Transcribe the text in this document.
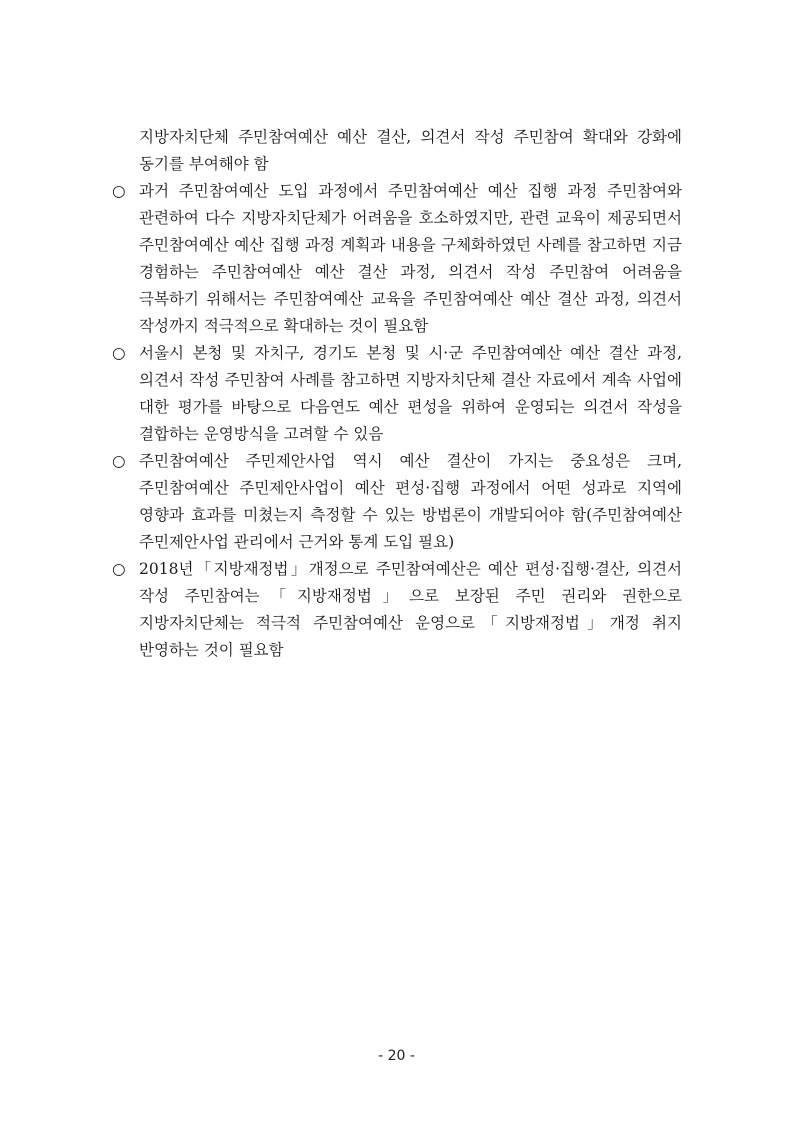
지방자치단체 주민참여예산 예산 결산, 의견서 작성 주민참여 확대와 강화에 동기를 부여해야 함

○ 과거 주민참여예산 도입 과정에서 주민참여예산 예산 집행 과정 주민참여와 관련하여 다수 지방자치단체가 어려움을 호소하였지만, 관련 교육이 제공되면서 주민참여예산 예산 집행 과정 계획과 내용을 구체화하였던 사례를 참고하면 지금 경험하는 주민참여예산 예산 결산 과정, 의견서 작성 주민참여 어려움을 극복하기 위해서는 주민참여예산 교육을 주민참여예산 예산 결산 과정, 의견서 작성까지 적극적으로 확대하는 것이 필요함
○ 서울시 본청 및 자치구, 경기도 본청 및 시·군 주민참여예산 예산 결산 과정, 의견서 작성 주민참여 사례를 참고하면 지방자치단체 결산 자료에서 계속 사업에 대한 평가를 바탕으로 다음연도 예산 편성을 위하여 운영되는 의견서 작성을 결합하는 운영방식을 고려할 수 있음
○ 주민참여예산 주민제안사업 역시 예산 결산이 가지는 중요성은 크며, 주민참여예산 주민제안사업이 예산 편성·집행 과정에서 어떤 성과로 지역에 영향과 효과를 미쳤는지 측정할 수 있는 방법론이 개발되어야 함(주민참여예산 주민제안사업 관리에서 근거와 통계 도입 필요)
○ 2018년「지방재정법」개정으로 주민참여예산은 예산 편성·집행·결산, 의견서 작성 주민참여는「지방재정법」으로 보장된 주민 권리와 권한으로 지방자치단체는 적극적 주민참여예산 운영으로「지방재정법」개정 취지 반영하는 것이 필요함
- 20 -
